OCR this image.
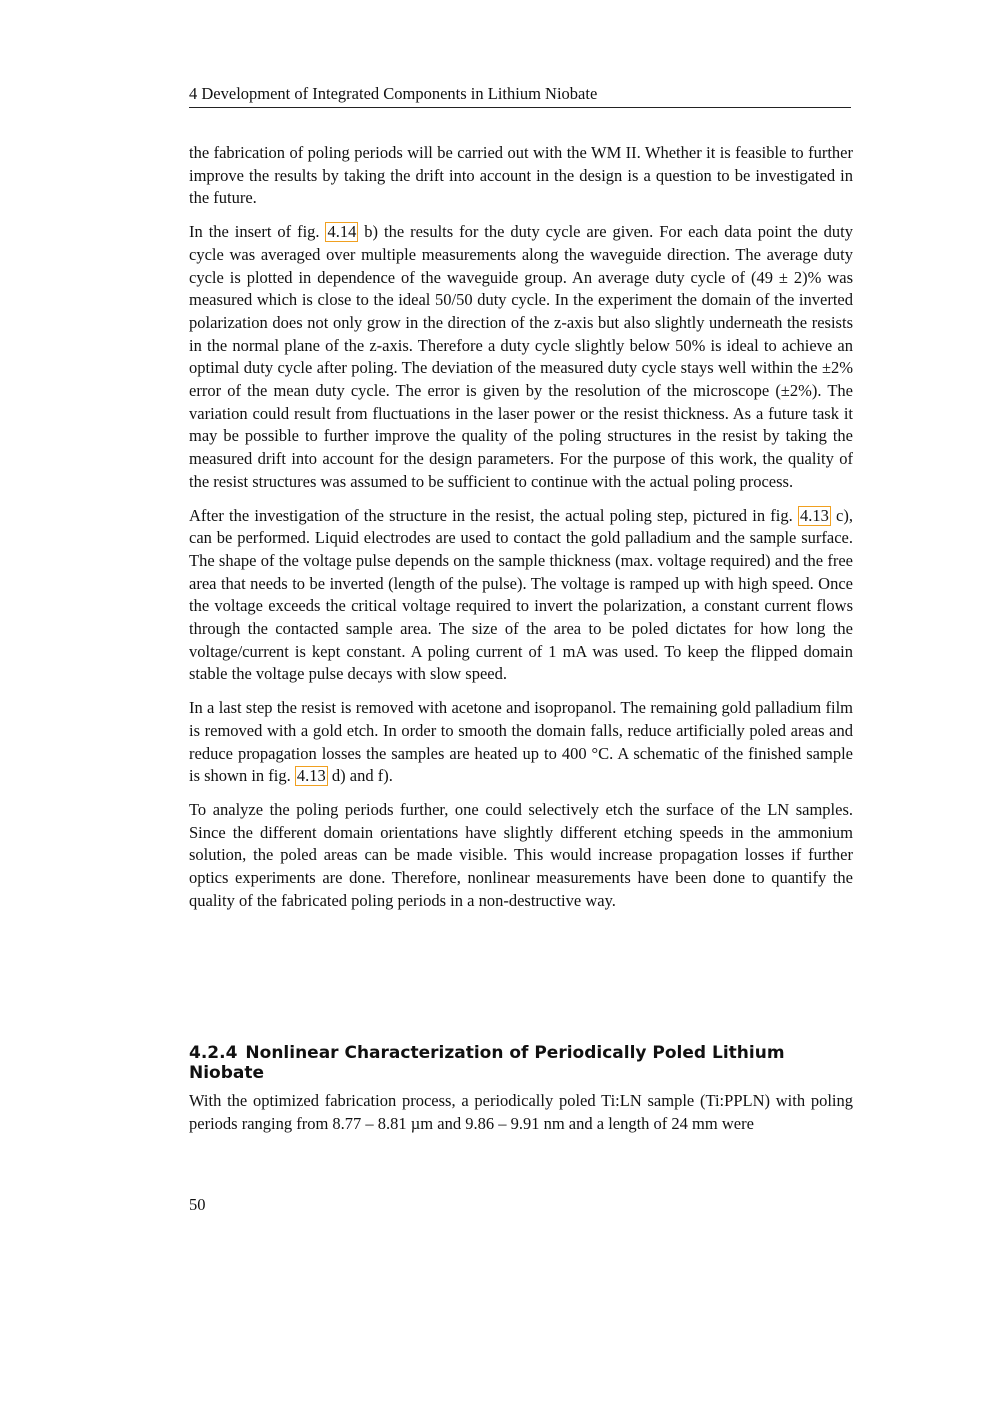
4 Development of Integrated Components in Lithium Niobate

the fabrication of poling periods will be carried out with the WM II. Whether it is feasible to further improve the results by taking the drift into account in the design is a question to be investigated in the future.

In the insert of fig. 4.14 b) the results for the duty cycle are given. For each data point the duty cycle was averaged over multiple measurements along the waveguide direction. The average duty cycle is plotted in dependence of the waveguide group. An average duty cycle of (49 ± 2)% was measured which is close to the ideal 50/50 duty cycle. In the experiment the domain of the inverted polarization does not only grow in the direction of the z-axis but also slightly underneath the resists in the normal plane of the z-axis. Therefore a duty cycle slightly below 50% is ideal to achieve an optimal duty cycle after poling. The deviation of the measured duty cycle stays well within the ±2% error of the mean duty cycle. The error is given by the resolution of the microscope (±2%). The variation could result from fluctuations in the laser power or the resist thickness. As a future task it may be possible to further improve the quality of the poling structures in the resist by taking the measured drift into account for the design parameters. For the purpose of this work, the quality of the resist structures was assumed to be sufficient to continue with the actual poling process.

After the investigation of the structure in the resist, the actual poling step, pictured in fig. 4.13 c), can be performed. Liquid electrodes are used to contact the gold palladium and the sample surface. The shape of the voltage pulse depends on the sample thickness (max. voltage required) and the free area that needs to be inverted (length of the pulse). The voltage is ramped up with high speed. Once the voltage exceeds the critical voltage required to invert the polarization, a constant current flows through the contacted sample area. The size of the area to be poled dictates for how long the voltage/current is kept constant. A poling current of 1 mA was used. To keep the flipped domain stable the voltage pulse decays with slow speed.

In a last step the resist is removed with acetone and isopropanol. The remaining gold palladium film is removed with a gold etch. In order to smooth the domain falls, reduce artificially poled areas and reduce propagation losses the samples are heated up to 400 °C. A schematic of the finished sample is shown in fig. 4.13 d) and f).

To analyze the poling periods further, one could selectively etch the surface of the LN samples. Since the different domain orientations have slightly different etching speeds in the ammonium solution, the poled areas can be made visible. This would increase propagation losses if further optics experiments are done. Therefore, nonlinear measurements have been done to quantify the quality of the fabricated poling periods in a non-destructive way.

4.2.4 Nonlinear Characterization of Periodically Poled Lithium Niobate

With the optimized fabrication process, a periodically poled Ti:LN sample (Ti:PPLN) with poling periods ranging from 8.77 – 8.81 µm and 9.86 – 9.91 nm and a length of 24 mm were

50
